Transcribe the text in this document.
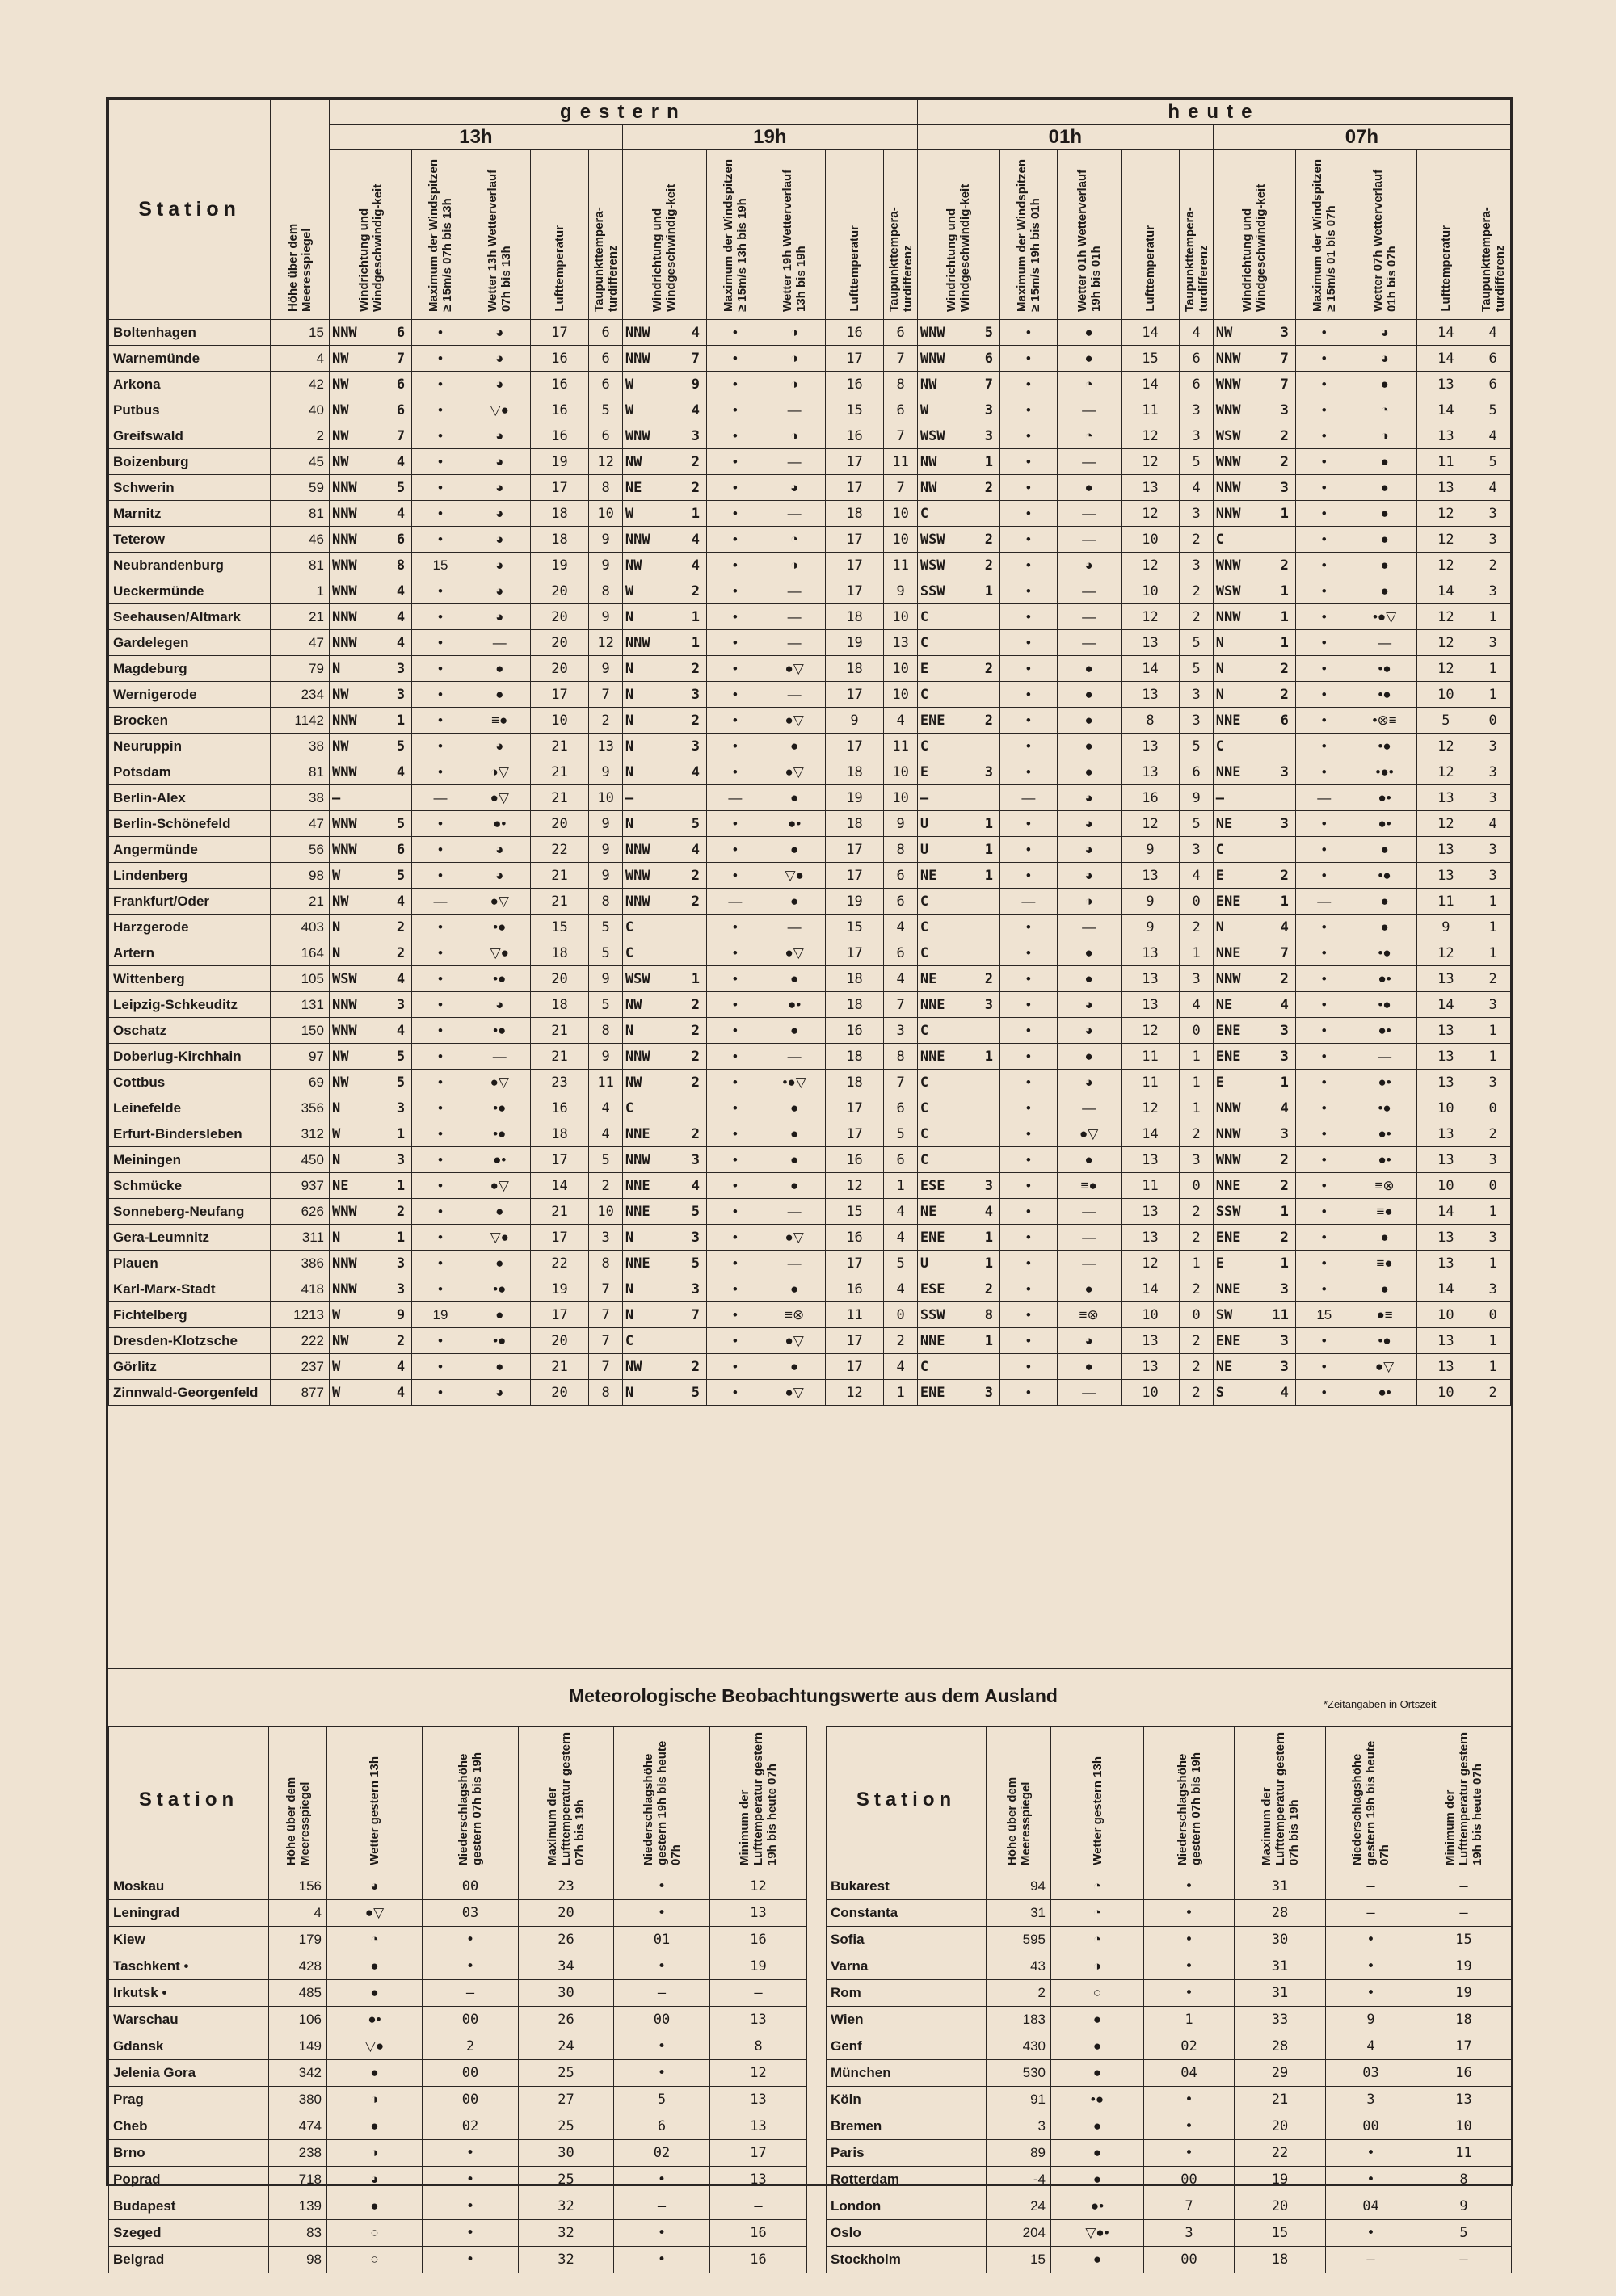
Station	Höhe über dem Meeresspiegel	gestern										heute									
		13h					19h					01h					07h				
		Windrichtung und Windgeschwindig-keit	Maximum der Windspitzen ≥ 15m/s 07h bis 13h	Wetter 13h Wetterverlauf 07h bis 13h	Lufttemperatur	Taupunkttempera-turdifferenz	Windrichtung und Windgeschwindig-keit	Maximum der Windspitzen ≥ 15m/s 13h bis 19h	Wetter 19h Wetterverlauf 13h bis 19h	Lufttemperatur	Taupunkttempera-turdifferenz	Windrichtung und Windgeschwindig-keit	Maximum der Windspitzen ≥ 15m/s 19h bis 01h	Wetter 01h Wetterverlauf 19h bis 01h	Lufttemperatur	Taupunkttempera-turdifferenz	Windrichtung und Windgeschwindig-keit	Maximum der Windspitzen ≥ 15m/s 01 bis 07h	Wetter 07h Wetterverlauf 01h bis 07h	Lufttemperatur	Taupunkttempera-turdifferenz
Boltenhagen	15	NNW 6	•	◕	17	6	NNW 4	•	◑	16	6	WNW 5	•	●	14	4	NW 3	•	◕	14	4
Warnemünde	4	NW 7	•	◕	16	6	NNW 7	•	◑	17	7	WNW 6	•	●	15	6	NNW 7	•	◕	14	6
Arkona	42	NW 6	•	◕	16	6	W 9	•	◑	16	8	NW 7	•	◔	14	6	WNW 7	•	●	13	6
Putbus	40	NW 6	•	▽●	16	5	W 4	•	—	15	6	W 3	•	—	11	3	WNW 3	•	◔	14	5
Greifswald	2	NW 7	•	◕	16	6	WNW 3	•	◑	16	7	WSW 3	•	◔	12	3	WSW 2	•	◑	13	4
Boizenburg	45	NW 4	•	◕	19	12	NW 2	•	—	17	11	NW 1	•	—	12	5	WNW 2	•	●	11	5
Schwerin	59	NNW 5	•	◕	17	8	NE 2	•	◕	17	7	NW 2	•	●	13	4	NNW 3	•	●	13	4
Marnitz	81	NNW 4	•	◕	18	10	W 1	•	—	18	10	C	•	—	12	3	NNW 1	•	●	12	3
Teterow	46	NNW 6	•	◕	18	9	NNW 4	•	◔	17	10	WSW 2	•	—	10	2	C	•	●	12	3
Neubrandenburg	81	WNW 8	15	◕	19	9	NW 4	•	◑	17	11	WSW 2	•	◕	12	3	WNW 2	•	●	12	2
Ueckermünde	1	WNW 4	•	◕	20	8	W 2	•	—	17	9	SSW 1	•	—	10	2	WSW 1	•	●	14	3
Seehausen/Altmark	21	NNW 4	•	◕	20	9	N 1	•	—	18	10	C	•	—	12	2	NNW 1	•	•●▽	12	1
Gardelegen	47	NNW 4	•	—	20	12	NNW 1	•	—	19	13	C	•	—	13	5	N 1	•	—	12	3
Magdeburg	79	N 3	•	●	20	9	N 2	•	●▽	18	10	E 2	•	●	14	5	N 2	•	•●	12	1
Wernigerode	234	NW 3	•	●	17	7	N 3	•	—	17	10	C	•	●	13	3	N 2	•	•●	10	1
Brocken	1142	NNW 1	•	≡●	10	2	N 2	•	●▽	9	4	ENE 2	•	●	8	3	NNE 6	•	•⊗≡	5	0
Neuruppin	38	NW 5	•	◕	21	13	N 3	•	●	17	11	C	•	●	13	5	C	•	•●	12	3
Potsdam	81	WNW 4	•	◑▽	21	9	N 4	•	●▽	18	10	E 3	•	●	13	6	NNE 3	•	•●•	12	3
Berlin-Alex	38	—	—	●▽	21	10	—	—	●	19	10	—	—	◕	16	9	—	—	●•	13	3
Berlin-Schönefeld	47	WNW 5	•	●•	20	9	N 5	•	●•	18	9	U 1	•	◕	12	5	NE 3	•	●•	12	4
Angermünde	56	WNW 6	•	◕	22	9	NNW 4	•	●	17	8	U 1	•	◕	9	3	C	•	●	13	3
Lindenberg	98	W 5	•	◕	21	9	WNW 2	•	▽●	17	6	NE 1	•	◕	13	4	E 2	•	•●	13	3
Frankfurt/Oder	21	NW 4	—	●▽	21	8	NNW 2	—	●	19	6	C	—	◑	9	0	ENE 1	—	●	11	1
Harzgerode	403	N 2	•	•●	15	5	C	•	—	15	4	C	•	—	9	2	N 4	•	●	9	1
Artern	164	N 2	•	▽●	18	5	C	•	●▽	17	6	C	•	●	13	1	NNE 7	•	•●	12	1
Wittenberg	105	WSW 4	•	•●	20	9	WSW 1	•	●	18	4	NE 2	•	●	13	3	NNW 2	•	●•	13	2
Leipzig-Schkeuditz	131	NNW 3	•	◕	18	5	NW 2	•	●•	18	7	NNE 3	•	◕	13	4	NE 4	•	•●	14	3
Oschatz	150	WNW 4	•	•●	21	8	N 2	•	●	16	3	C	•	◕	12	0	ENE 3	•	●•	13	1
Doberlug-Kirchhain	97	NW 5	•	—	21	9	NNW 2	•	—	18	8	NNE 1	•	●	11	1	ENE 3	•	—	13	1
Cottbus	69	NW 5	•	●▽	23	11	NW 2	•	•●▽	18	7	C	•	◕	11	1	E 1	•	●•	13	3
Leinefelde	356	N 3	•	•●	16	4	C	•	●	17	6	C	•	—	12	1	NNW 4	•	•●	10	0
Erfurt-Bindersleben	312	W 1	•	•●	18	4	NNE 2	•	●	17	5	C	•	●▽	14	2	NNW 3	•	●•	13	2
Meiningen	450	N 3	•	●•	17	5	NNW 3	•	●	16	6	C	•	●	13	3	WNW 2	•	●•	13	3
Schmücke	937	NE 1	•	●▽	14	2	NNE 4	•	●	12	1	ESE 3	•	≡●	11	0	NNE 2	•	≡⊗	10	0
Sonneberg-Neufang	626	WNW 2	•	●	21	10	NNE 5	•	—	15	4	NE 4	•	—	13	2	SSW 1	•	≡●	14	1
Gera-Leumnitz	311	N 1	•	▽●	17	3	N 3	•	●▽	16	4	ENE 1	•	—	13	2	ENE 2	•	●	13	3
Plauen	386	NNW 3	•	●	22	8	NNE 5	•	—	17	5	U 1	•	—	12	1	E 1	•	≡●	13	1
Karl-Marx-Stadt	418	NNW 3	•	•●	19	7	N 3	•	●	16	4	ESE 2	•	●	14	2	NNE 3	•	●	14	3
Fichtelberg	1213	W 9	19	●	17	7	N 7	•	≡⊗	11	0	SSW 8	•	≡⊗	10	0	SW 11	15	●≡	10	0
Dresden-Klotzsche	222	NW 2	•	•●	20	7	C	•	●▽	17	2	NNE 1	•	◕	13	2	ENE 3	•	•●	13	1
Görlitz	237	W 4	•	●	21	7	NW 2	•	●	17	4	C	•	●	13	2	NE 3	•	●▽	13	1
Zinnwald-Georgenfeld	877	W 4	•	◕	20	8	N 5	•	●▽	12	1	ENE 3	•	—	10	2	S 4	•	●•	10	2
Meteorologische Beobachtungswerte aus dem Ausland	*Zeitangaben in Ortszeit
Station	Höhe über dem Meeresspiegel	Wetter gestern 13h	Niederschlagshöhe gestern 07h bis 19h	Maximum der Lufttemperatur gestern 07h bis 19h	Niederschlagshöhe gestern 19h bis heute 07h	Minimum der Lufttemperatur gestern 19h bis heute 07h
Moskau	156	◕	00	23	•	12
Leningrad	4	●▽	03	20	•	13
Kiew	179	◔	•	26	01	16
Taschkent •	428	●	•	34	•	19
Irkutsk •	485	●	—	30	—	—
Warschau	106	●•	00	26	00	13
Gdansk	149	▽●	2	24	•	8
Jelenia Gora	342	●	00	25	•	12
Prag	380	◑	00	27	5	13
Cheb	474	●	02	25	6	13
Brno	238	◑	•	30	02	17
Poprad	718	◕	•	25	•	13
Budapest	139	●	•	32	—	—
Szeged	83	○	•	32	•	16
Belgrad	98	○	•	32	•	16
Station	Höhe über dem Meeresspiegel	Wetter gestern 13h	Niederschlagshöhe gestern 07h bis 19h	Maximum der Lufttemperatur gestern 07h bis 19h	Niederschlagshöhe gestern 19h bis heute 07h	Minimum der Lufttemperatur gestern 19h bis heute 07h
Bukarest	94	◔	•	31	—	—
Constanta	31	◔	•	28	—	—
Sofia	595	◔	•	30	•	15
Varna	43	◑	•	31	•	19
Rom	2	○	•	31	•	19
Wien	183	●	1	33	9	18
Genf	430	●	02	28	4	17
München	530	●	04	29	03	16
Köln	91	•●	•	21	3	13
Bremen	3	●	•	20	00	10
Paris	89	●	•	22	•	11
Rotterdam	-4	●	00	19	•	8
London	24	●•	7	20	04	9
Oslo	204	▽●•	3	15	•	5
Stockholm	15	●	00	18	—	—
